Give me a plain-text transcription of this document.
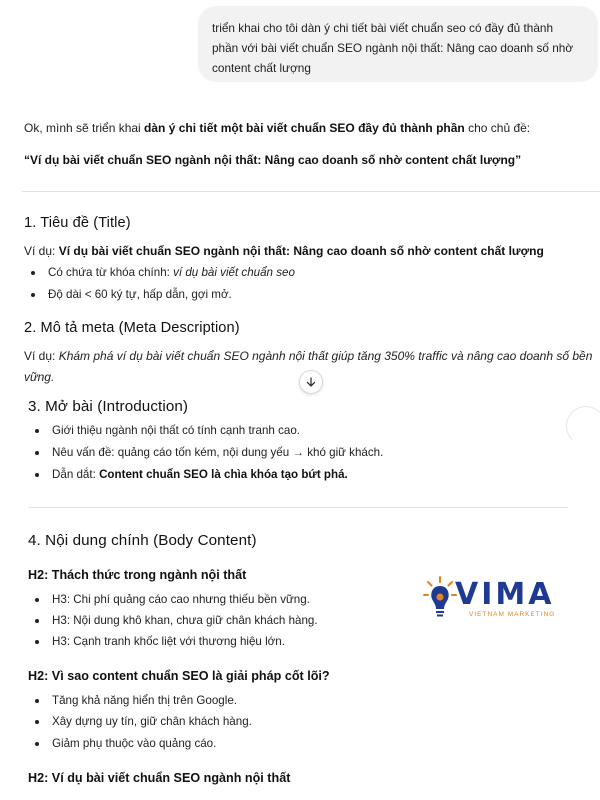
triển khai cho tôi dàn ý chi tiết bài viết chuẩn seo có đầy đủ thành phần với bài viết chuẩn SEO ngành nội thất: Nâng cao doanh số nhờ content chất lượng
Ok, mình sẽ triển khai dàn ý chi tiết một bài viết chuẩn SEO đầy đủ thành phần cho chủ đề:
“Ví dụ bài viết chuẩn SEO ngành nội thất: Nâng cao doanh số nhờ content chất lượng”
1. Tiêu đề (Title)
Ví dụ: Ví dụ bài viết chuẩn SEO ngành nội thất: Nâng cao doanh số nhờ content chất lượng
Có chứa từ khóa chính: ví dụ bài viết chuẩn seo
Độ dài < 60 ký tự, hấp dẫn, gợi mở.
2. Mô tả meta (Meta Description)
Ví dụ: Khám phá ví dụ bài viết chuẩn SEO ngành nội thất giúp tăng 350% traffic và nâng cao doanh số bền
vững.
3. Mở bài (Introduction)
Giới thiệu ngành nội thất có tính cạnh tranh cao.
Nêu vấn đề: quảng cáo tốn kém, nội dung yếu → khó giữ khách.
Dẫn dắt: Content chuẩn SEO là chìa khóa tạo bứt phá.
4. Nội dung chính (Body Content)
H2: Thách thức trong ngành nội thất
H3: Chi phí quảng cáo cao nhưng thiếu bền vững.
H3: Nội dung khô khan, chưa giữ chân khách hàng.
H3: Cạnh tranh khốc liệt với thương hiệu lớn.
H2: Vì sao content chuẩn SEO là giải pháp cốt lõi?
Tăng khả năng hiển thị trên Google.
Xây dựng uy tín, giữ chân khách hàng.
Giảm phụ thuộc vào quảng cáo.
H2: Ví dụ bài viết chuẩn SEO ngành nội thất
VIMA
VIETNAM MARKETING
